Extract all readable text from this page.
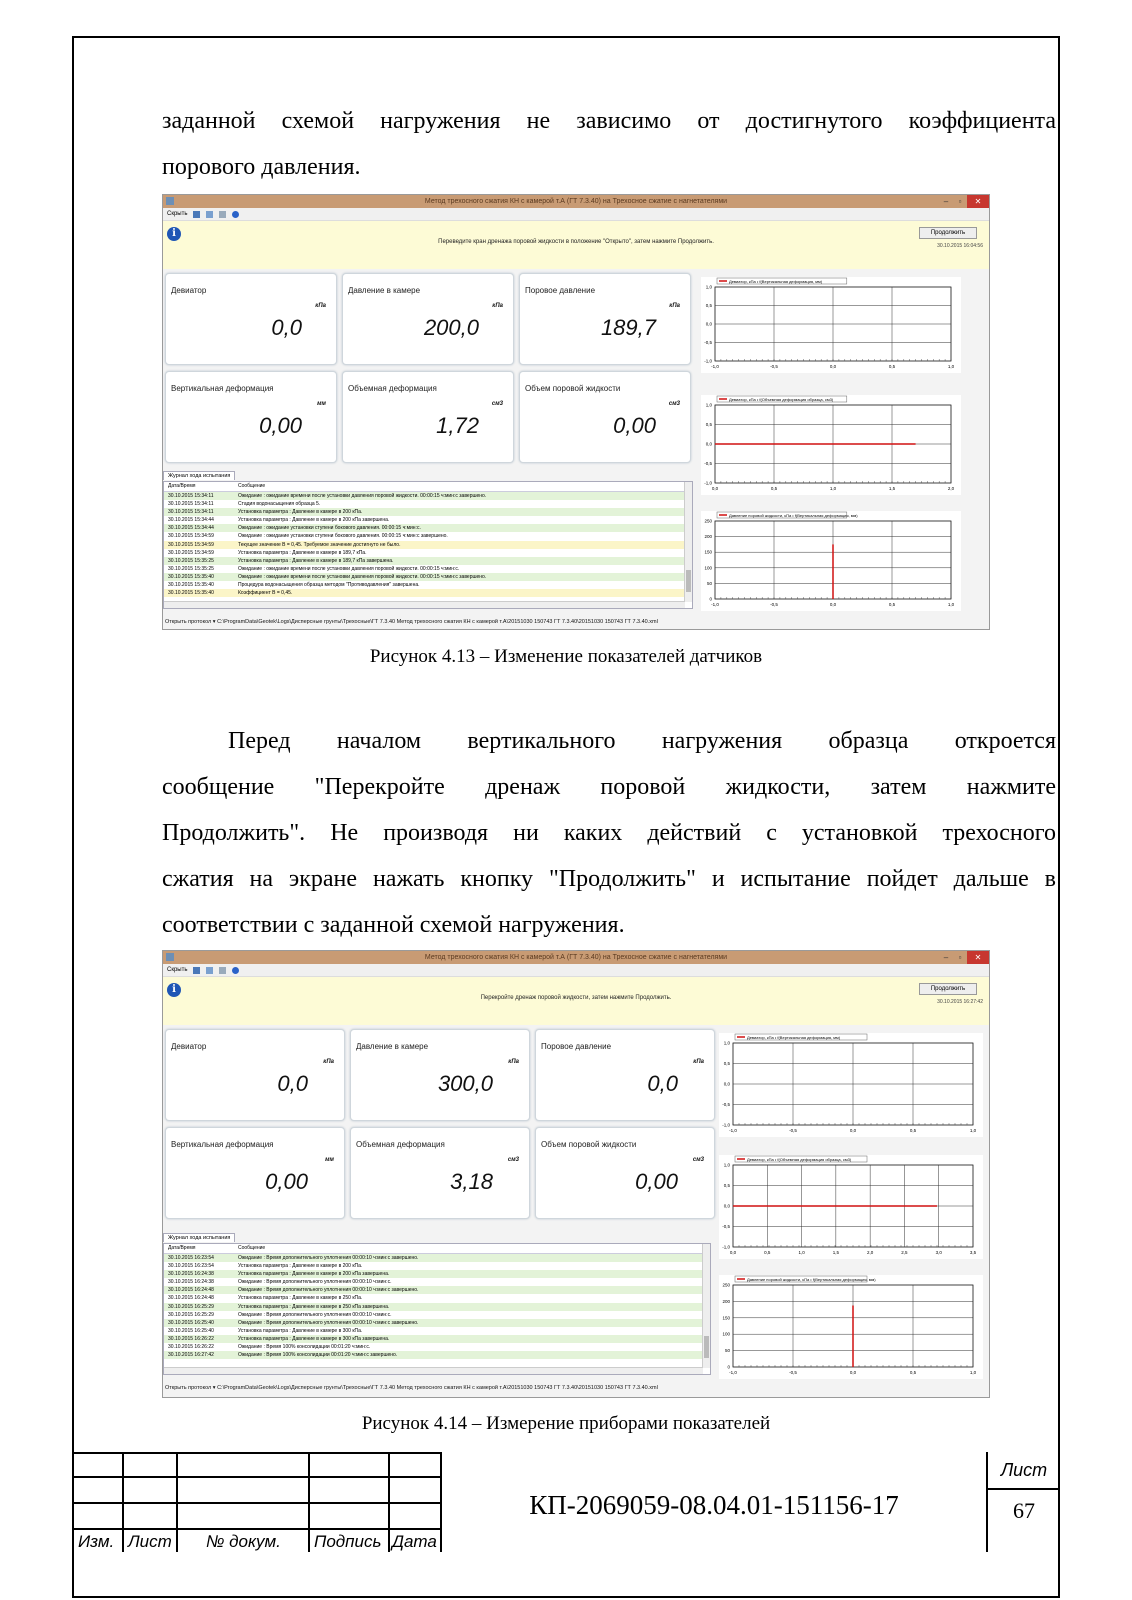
заданной схемой нагружения не зависимо от достигнутого коэффициента
порового давления.
Метод трехосного сжатия КН с камерой т.А (ГТ 7.3.40) на Трехосное сжатие с нагнетателями	–	▫	✕
Скрыть
i
Переведите кран дренажа поровой жидкости в положение "Открыто", затем нажмите Продолжить.
Продолжить
30.10.2015 16:04:56
Девиатор
0,0
кПа
Давление в камере
200,0
кПа
Поровое давление
189,7
кПа
Вертикальная деформация
0,00
мм
Объемная деформация
1,72
см3
Объем поровой жидкости
0,00
см3
Журнал хода испытания
Дата/Время	Сообщение
30.10.2015 15:34:11	Ожидание : ожидание времени после установки давления поровой жидкости. 00:00:15 ч:мин:с завершено.
30.10.2015 15:34:11	Стадия водонасыщения образца 5.
30.10.2015 15:34:11	Установка параметра : Давление в камере в 200 кПа.
30.10.2015 15:34:44	Установка параметра : Давление в камере в 200 кПа завершена.
30.10.2015 15:34:44	Ожидание : ожидание установки ступени бокового давления. 00:00:15 ч:мин:с.
30.10.2015 15:34:59	Ожидание : ожидание установки ступени бокового давления. 00:00:15 ч:мин:с завершено.
30.10.2015 15:34:59	Текущее значение В = 0,45. Требуемое значение достигнуто не было.
30.10.2015 15:34:59	Установка параметра : Давление в камере в 189,7 кПа.
30.10.2015 15:35:25	Установка параметра : Давление в камере в 189,7 кПа завершена.
30.10.2015 15:35:25	Ожидание : ожидание времени после установки давления поровой жидкости. 00:00:15 ч:мин:с.
30.10.2015 15:35:40	Ожидание : ожидание времени после установки давления поровой жидкости. 00:00:15 ч:мин:с завершено.
30.10.2015 15:35:40	Процедура водонасыщения образца методом "Противодавления" завершена.
30.10.2015 15:35:40	Коэффициент В = 0,45.
Открыть протокол ▾ C:\ProgramData\Geotek\Logs\Дисперсные грунты\Трехосные\ГТ 7.3.40 Метод трехосного сжатия КН с камерой т.А\20151030 150743 ГТ 7.3.40\20151030 150743 ГТ 7.3.40.xml
Девиатор, кПа • f(Вертикальная деформация, мм)
-1,0	-0,5	0,0	0,5	1,0
1,0
0,5
0,0
-0,5
-1,0
Девиатор, кПа • f(Объемная деформация образца, см3)
0,0	0,5	1,0	1,5	2,0
1,0
0,5
0,0
-0,5
-1,0
Давление поровой жидкости, кПа • f(Вертикальная деформация, мм)
-1,0	-0,5	0,0	0,5	1,0
250
200
150
100
50
0
Рисунок 4.13 – Изменение показателей датчиков
Перед началом вертикального нагружения образца откроется
сообщение "Перекройте дренаж поровой жидкости, затем нажмите
Продолжить". Не производя ни каких действий с установкой трехосного
сжатия на экране нажать кнопку "Продолжить" и испытание пойдет дальше в
соответствии с заданной схемой нагружения.
Метод трехосного сжатия КН с камерой т.А (ГТ 7.3.40) на Трехосное сжатие с нагнетателями	–	▫	✕
Скрыть
i
Перекройте дренаж поровой жидкости, затем нажмите Продолжить.
Продолжить
30.10.2015 16:27:42
Девиатор
0,0
кПа
Давление в камере
300,0
кПа
Поровое давление
0,0
кПа
Вертикальная деформация
0,00
мм
Объемная деформация
3,18
см3
Объем поровой жидкости
0,00
см3
Журнал хода испытания
Дата/Время	Сообщение
30.10.2015 16:23:54	Ожидание : Время дополнительного уплотнения 00:00:10 ч:мин:с завершено.
30.10.2015 16:23:54	Установка параметра : Давление в камере в 200 кПа.
30.10.2015 16:24:38	Установка параметра : Давление в камере в 200 кПа завершена.
30.10.2015 16:24:38	Ожидание : Время дополнительного уплотнения 00:00:10 ч:мин:с.
30.10.2015 16:24:48	Ожидание : Время дополнительного уплотнения 00:00:10 ч:мин:с завершено.
30.10.2015 16:24:48	Установка параметра : Давление в камере в 250 кПа.
30.10.2015 16:25:29	Установка параметра : Давление в камере в 250 кПа завершена.
30.10.2015 16:25:29	Ожидание : Время дополнительного уплотнения 00:00:10 ч:мин:с.
30.10.2015 16:25:40	Ожидание : Время дополнительного уплотнения 00:00:10 ч:мин:с завершено.
30.10.2015 16:25:40	Установка параметра : Давление в камере в 300 кПа.
30.10.2015 16:26:22	Установка параметра : Давление в камере в 300 кПа завершена.
30.10.2015 16:26:22	Ожидание : Время 100% консолидации 00:01:20 ч:мин:с.
30.10.2015 16:27:42	Ожидание : Время 100% консолидации 00:01:20 ч:мин:с завершено.
Открыть протокол ▾ C:\ProgramData\Geotek\Logs\Дисперсные грунты\Трехосные\ГТ 7.3.40 Метод трехосного сжатия КН с камерой т.А\20151030 150743 ГТ 7.3.40\20151030 150743 ГТ 7.3.40.xml
Девиатор, кПа • f(Вертикальная деформация, мм)
-1,0	-0,5	0,0	0,5	1,0
1,0
0,5
0,0
-0,5
-1,0
Девиатор, кПа • f(Объемная деформация образца, см3)
0,0	0,5	1,0	1,5	2,0	2,5	3,0	3,5
1,0
0,5
0,0
-0,5
-1,0
Давление поровой жидкости, кПа • f(Вертикальная деформация, мм)
-1,0	-0,5	0,0	0,5	1,0
250
200
150
100
50
0
Рисунок 4.14 – Измерение приборами показателей
Изм. Лист № докум. Подпись Дата
КП-2069059-08.04.01-151156-17
Лист
67
